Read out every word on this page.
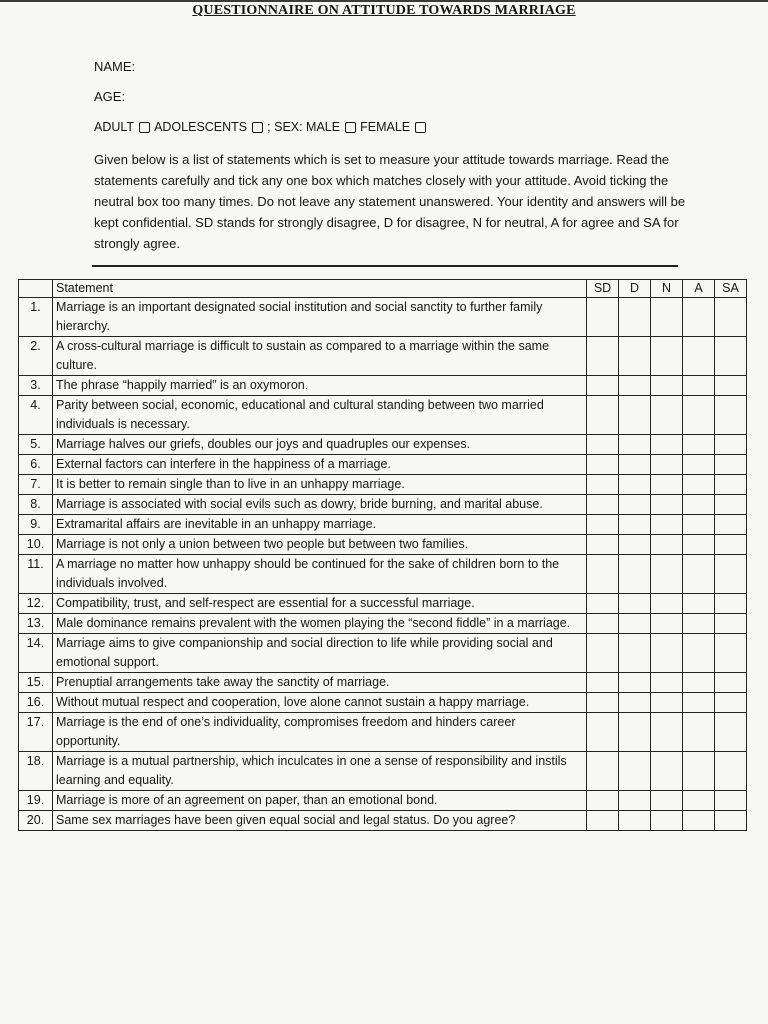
QUESTIONNAIRE ON ATTITUDE TOWARDS MARRIAGE
NAME:
AGE:
ADULT ADOLESCENTS ; SEX: MALE FEMALE
Given below is a list of statements which is set to measure your attitude towards marriage. Read the statements carefully and tick any one box which matches closely with your attitude. Avoid ticking the neutral box too many times. Do not leave any statement unanswered. Your identity and answers will be kept confidential. SD stands for strongly disagree, D for disagree, N for neutral, A for agree and SA for strongly agree.
	Statement	SD	D	N	A	SA
1.	Marriage is an important designated social institution and social sanctity to further family hierarchy.					
2.	A cross-cultural marriage is difficult to sustain as compared to a marriage within the same culture.					
3.	The phrase “happily married” is an oxymoron.					
4.	Parity between social, economic, educational and cultural standing between two married individuals is necessary.					
5.	Marriage halves our griefs, doubles our joys and quadruples our expenses.					
6.	External factors can interfere in the happiness of a marriage.					
7.	It is better to remain single than to live in an unhappy marriage.					
8.	Marriage is associated with social evils such as dowry, bride burning, and marital abuse.					
9.	Extramarital affairs are inevitable in an unhappy marriage.					
10.	Marriage is not only a union between two people but between two families.					
11.	A marriage no matter how unhappy should be continued for the sake of children born to the individuals involved.					
12.	Compatibility, trust, and self-respect are essential for a successful marriage.					
13.	Male dominance remains prevalent with the women playing the “second fiddle” in a marriage.					
14.	Marriage aims to give companionship and social direction to life while providing social and emotional support.					
15.	Prenuptial arrangements take away the sanctity of marriage.					
16.	Without mutual respect and cooperation, love alone cannot sustain a happy marriage.					
17.	Marriage is the end of one’s individuality, compromises freedom and hinders career opportunity.					
18.	Marriage is a mutual partnership, which inculcates in one a sense of responsibility and instils learning and equality.					
19.	Marriage is more of an agreement on paper, than an emotional bond.					
20.	Same sex marriages have been given equal social and legal status. Do you agree?					
